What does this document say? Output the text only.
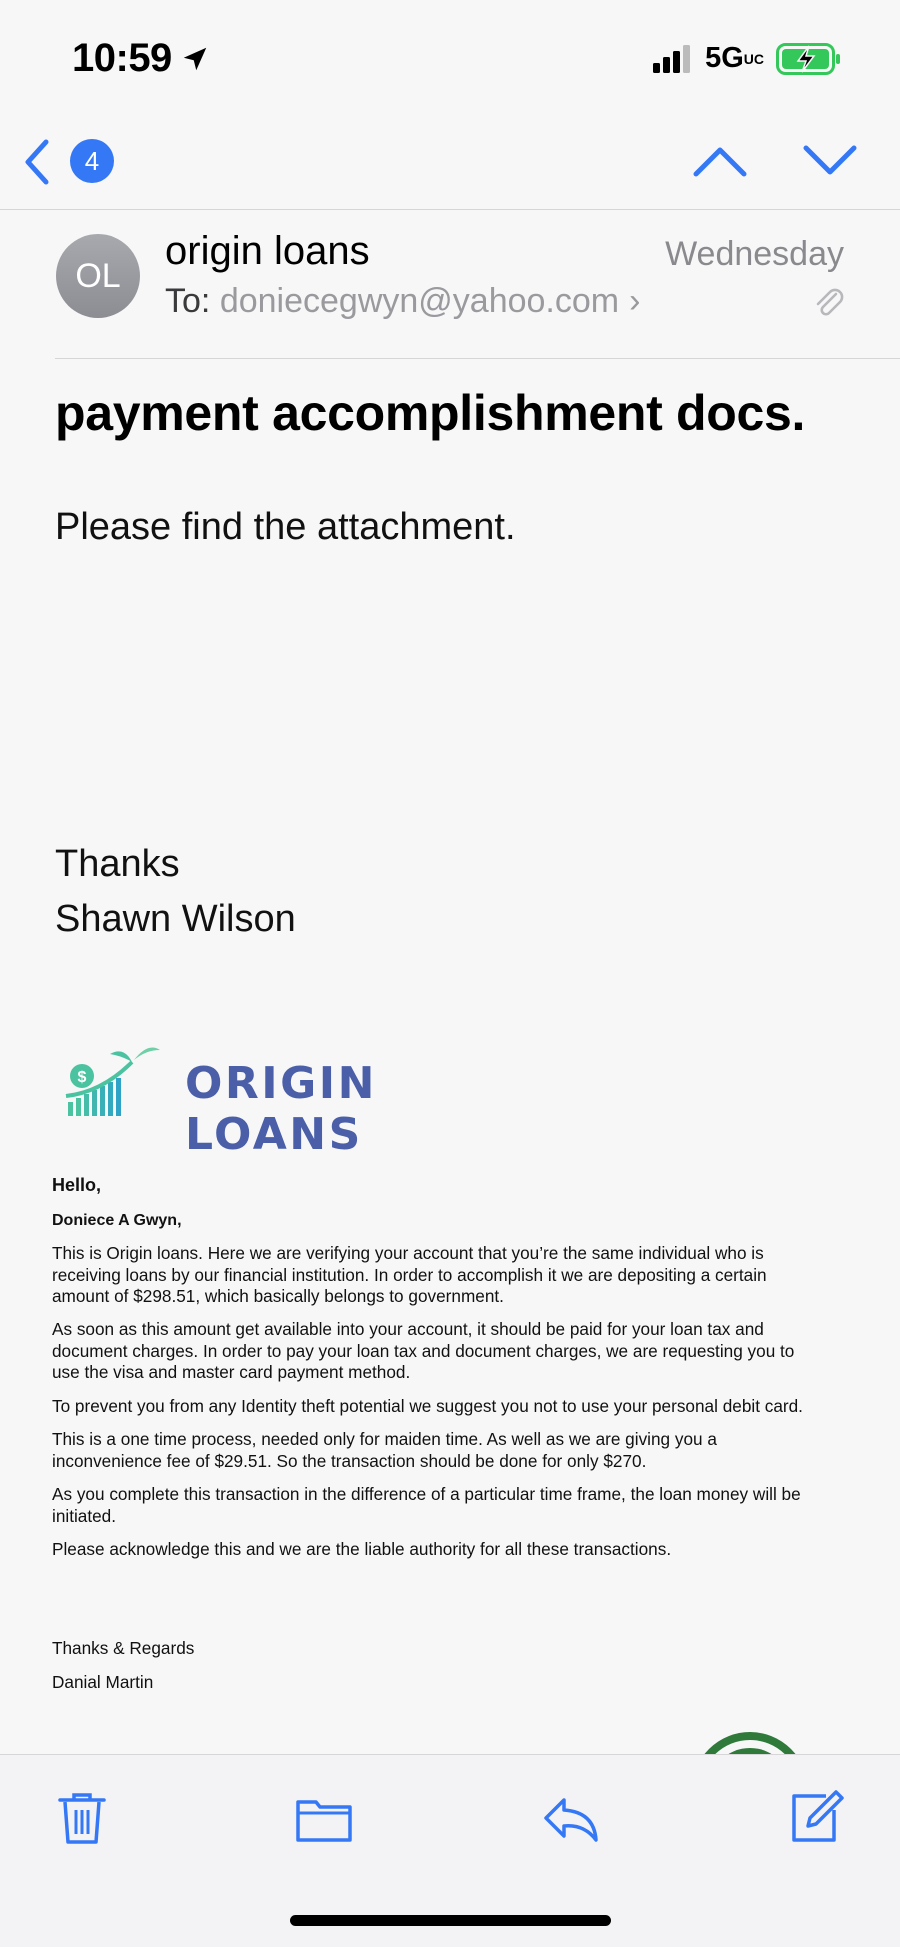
10:59	5GUC
4
OL
origin loans	Wednesday
To: doniecegwyn@yahoo.com ›
payment accomplishment docs.
Please find the attachment.
Thanks
Shawn Wilson
$ ORIGIN LOANS
Hello,
Doniece A Gwyn,
This is Origin loans. Here we are verifying your account that you’re the same individual who is
receiving loans by our financial institution. In order to accomplish it we are depositing a certain
amount of $298.51, which basically belongs to government.
As soon as this amount get available into your account, it should be paid for your loan tax and
document charges. In order to pay your loan tax and document charges, we are requesting you to
use the visa and master card payment method.
To prevent you from any Identity theft potential we suggest you not to use your personal debit card.
This is a one time process, needed only for maiden time. As well as we are giving you a
inconvenience fee of $29.51. So the transaction should be done for only $270.
As you complete this transaction in the difference of a particular time frame, the loan money will be
initiated.
Please acknowledge this and we are the liable authority for all these transactions.
Thanks & Regards
Danial Martin
